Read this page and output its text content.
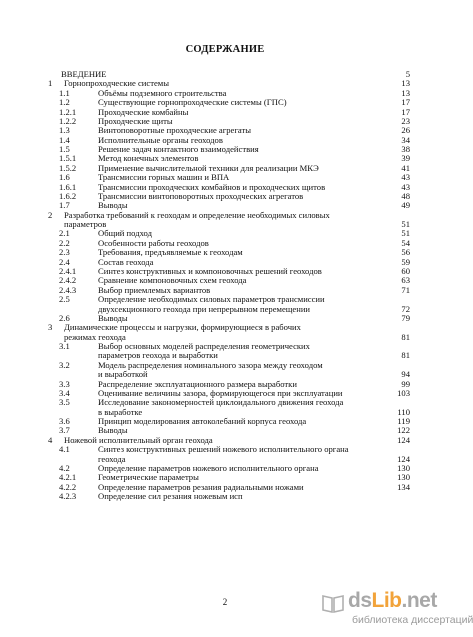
СОДЕРЖАНИЕ
ВВЕДЕНИЕ	5
1 Горнопроходческие системы	13
1.1	Объёмы подземного строительства	13
1.2	Существующие горнопроходческие системы (ГПС)	17
1.2.1	Проходческие комбайны	17
1.2.2	Проходческие щиты	23
1.3	Винтоповоротные проходческие агрегаты	26
1.4	Исполнительные органы геоходов	34
1.5	Решение задач контактного взаимодействия	38
1.5.1	Метод конечных элементов	39
1.5.2	Применение вычислительной техники для реализации МКЭ	41
1.6	Трансмиссии горных машин и ВПА	43
1.6.1	Трансмиссии проходческих комбайнов и проходческих щитов	43
1.6.2	Трансмиссии винтоповоротных проходческих агрегатов	48
1.7	Выводы	49
2 Разработка требований к геоходам и определение необходимых силовых
параметров	51
2.1	Общий подход	51
2.2	Особенности работы геоходов	54
2.3	Требования, предъявляемые к геоходам	56
2.4	Состав геохода	59
2.4.1	Синтез конструктивных и компоновочных решений геоходов	60
2.4.2	Сравнение компоновочных схем геохода	63
2.4.3	Выбор приемлемых вариантов	71
2.5	Определение необходимых силовых параметров трансмиссии
двухсекционного геохода при непрерывном перемещении	72
2.6	Выводы	79
3 Динамические процессы и нагрузки, формирующиеся в рабочих
режимах геохода	81
3.1	Выбор основных моделей распределения геометрических
параметров геохода и выработки	81
3.2	Модель распределения номинального зазора между геоходом
и выработкой	94
3.3	Распределение эксплуатационного размера выработки	99
3.4	Оценивание величины зазора, формирующегося при эксплуатации	103
3.5	Исследование закономерностей циклоидального движения геохода
в выработке	110
3.6	Принцип моделирования автоколебаний корпуса геохода	119
3.7	Выводы	122
4 Ножевой исполнительный орган геохода	124
4.1	Синтез конструктивных решений ножевого исполнительного органа
геохода	124
4.2	Определение параметров ножевого исполнительного органа	130
4.2.1	Геометрические параметры	130
4.2.2	Определение параметров резания радиальными ножами	134
4.2.3	Определение сил резания ножевым исп
2	dsLib.net
библиотека диссертаций
